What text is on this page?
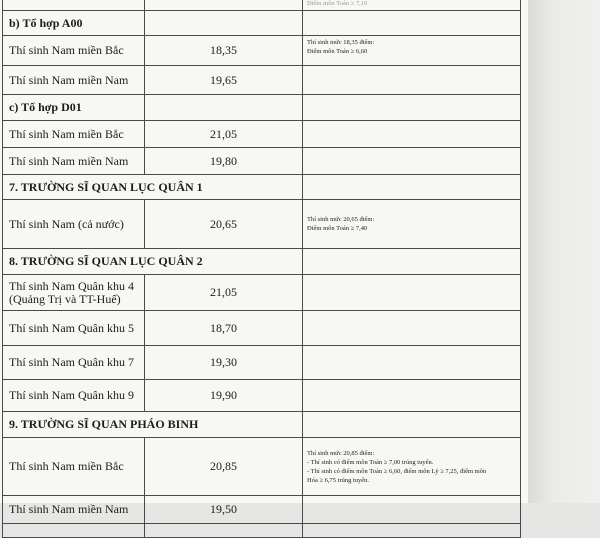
		Điểm môn Toán ≥ 7,10
b) Tổ hợp A00		
Thí sinh Nam miền Bắc	18,35	Thí sinh mức 18,35 điểm:
Điểm môn Toán ≥ 6,60

Thí sinh Nam miền Nam	19,65	
c) Tổ hợp D01		
Thí sinh Nam miền Bắc	21,05	
Thí sinh Nam miền Nam	19,80	
7. TRƯỜNG SĨ QUAN LỤC QUÂN 1		
Thí sinh Nam (cả nước)	20,65	Thí sinh mức 20,65 điểm:
Điểm môn Toán ≥ 7,40

8. TRƯỜNG SĨ QUAN LỤC QUÂN 2		

Thí sinh Nam Quân khu 4
(Quảng Trị và TT-Huế)	21,05	
Thí sinh Nam Quân khu 5	18,70	
Thí sinh Nam Quân khu 7	19,30	
Thí sinh Nam Quân khu 9	19,90	
9. TRƯỜNG SĨ QUAN PHÁO BINH		
Thí sinh Nam miền Bắc	20,85	Thí sinh mức 20,85 điểm:
- Thí sinh có điểm môn Toán ≥ 7,00 trúng tuyển.
- Thí sinh có điểm môn Toán ≥ 6,60, điểm môn Lý ≥ 7,25, điểm môn
Hóa ≥ 6,75 trúng tuyển.

Thí sinh Nam miền Nam	19,50	
